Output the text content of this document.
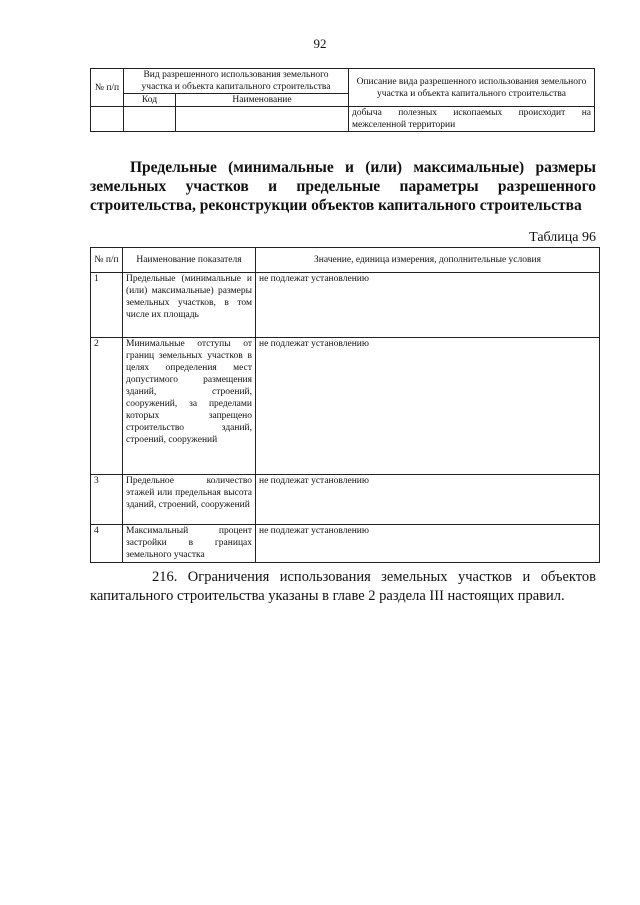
92
№ п/п	Вид разрешенного использования земельного участка и объекта капитального строительства		Описание вида разрешенного использования земельного участка и объекта капитального строительства
	Код	Наименование	
			добыча полезных ископаемых происходит на межселенной территории

Предельные (минимальные и (или) максимальные) размеры

земельных участков и предельные параметры разрешенного

строительства, реконструкции объектов капитального строительства

Таблица 96
№ п/п	Наименование показателя	Значение, единица измерения, дополнительные условия
1	Предельные (минимальные и (или) максимальные) размеры земельных участков, в том числе их площадь	не подлежат установлению
2	Минимальные отступы от границ земельных участков в целях определения мест допустимого размещения зданий, строений, сооружений, за пределами которых запрещено строительство зданий, строений, сооружений	не подлежат установлению
3	Предельное количество этажей или предельная высота зданий, строений, сооружений	не подлежат установлению
4	Максимальный процент застройки в границах земельного участка	не подлежат установлению

216. Ограничения использования земельных участков и объектов
капитального строительства указаны в главе 2 раздела III настоящих правил.
